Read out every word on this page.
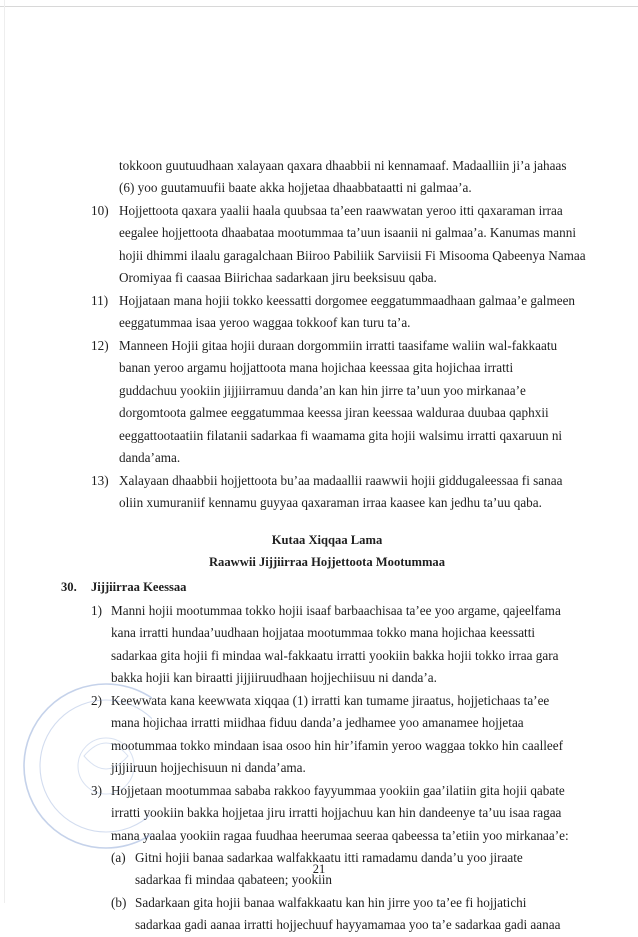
tokkoon guutuudhaan xalayaan qaxara dhaabbii ni kennamaaf. Madaalliin ji’a jahaas
(6) yoo guutamuufii baate akka hojjetaa dhaabbataatti ni galmaa’a.
10) Hojjettoota qaxara yaalii haala quubsaa ta’een raawwatan yeroo itti qaxaraman irraa
eegalee hojjettoota dhaabataa mootummaa ta’uun isaanii ni galmaa’a. Kanumas manni
hojii dhimmi ilaalu garagalchaan Biiroo Pabiliik Sarviisii Fi Misooma Qabeenya Namaa
Oromiyaa fi caasaa Biirichaa sadarkaan jiru beeksisuu qaba.
11) Hojjataan mana hojii tokko keessatti dorgomee eeggatummaadhaan galmaa’e galmeen
eeggatummaa isaa yeroo waggaa tokkoof kan turu ta’a.
12) Manneen Hojii gitaa hojii duraan dorgommiin irratti taasifame waliin wal-fakkaatu
banan yeroo argamu hojjattoota mana hojichaa keessaa gita hojichaa irratti
guddachuu yookiin jijjiirramuu danda’an kan hin jirre ta’uun yoo mirkanaa’e
dorgomtoota galmee eeggatummaa keessa jiran keessaa walduraa duubaa qaphxii
eeggattootaatiin filatanii sadarkaa fi waamama gita hojii walsimu irratti qaxaruun ni
danda’ama.
13) Xalayaan dhaabbii hojjettoota bu’aa madaallii raawwii hojii giddugaleessaa fi sanaa
oliin xumuraniif kennamu guyyaa qaxaraman irraa kaasee kan jedhu ta’uu qaba.
Kutaa Xiqqaa Lama
Raawwii Jijjiirraa Hojjettoota Mootummaa
30. Jijjiirraa Keessaa
1) Manni hojii mootummaa tokko hojii isaaf barbaachisaa ta’ee yoo argame, qajeelfama
kana irratti hundaa’uudhaan hojjataa mootummaa tokko mana hojichaa keessatti
sadarkaa gita hojii fi mindaa wal-fakkaatu irratti yookiin bakka hojii tokko irraa gara
bakka hojii kan biraatti jijjiiruudhaan hojjechiisuu ni danda’a.
2) Keewwata kana keewwata xiqqaa (1) irratti kan tumame jiraatus, hojjetichaas ta’ee
mana hojichaa irratti miidhaa fiduu danda’a jedhamee yoo amanamee hojjetaa
mootummaa tokko mindaan isaa osoo hin hir’ifamin yeroo waggaa tokko hin caalleef
jijjiiruun hojjechisuun ni danda’ama.
3) Hojjetaan mootummaa sababa rakkoo fayyummaa yookiin gaa’ilatiin gita hojii qabate
irratti yookiin bakka hojjetaa jiru irratti hojjachuu kan hin dandeenye ta’uu isaa ragaa
mana yaalaa yookiin ragaa fuudhaa heerumaa seeraa qabeessa ta’etiin yoo mirkanaa’e:
(a) Gitni hojii banaa sadarkaa walfakkaatu itti ramadamu danda’u yoo jiraate
sadarkaa fi mindaa qabateen; yookiin
(b) Sadarkaan gita hojii banaa walfakkaatu kan hin jirre yoo ta’ee fi hojjatichi
sadarkaa gadi aanaa irratti hojjechuuf hayyamamaa yoo ta’e sadarkaa gadi aanaa
21
